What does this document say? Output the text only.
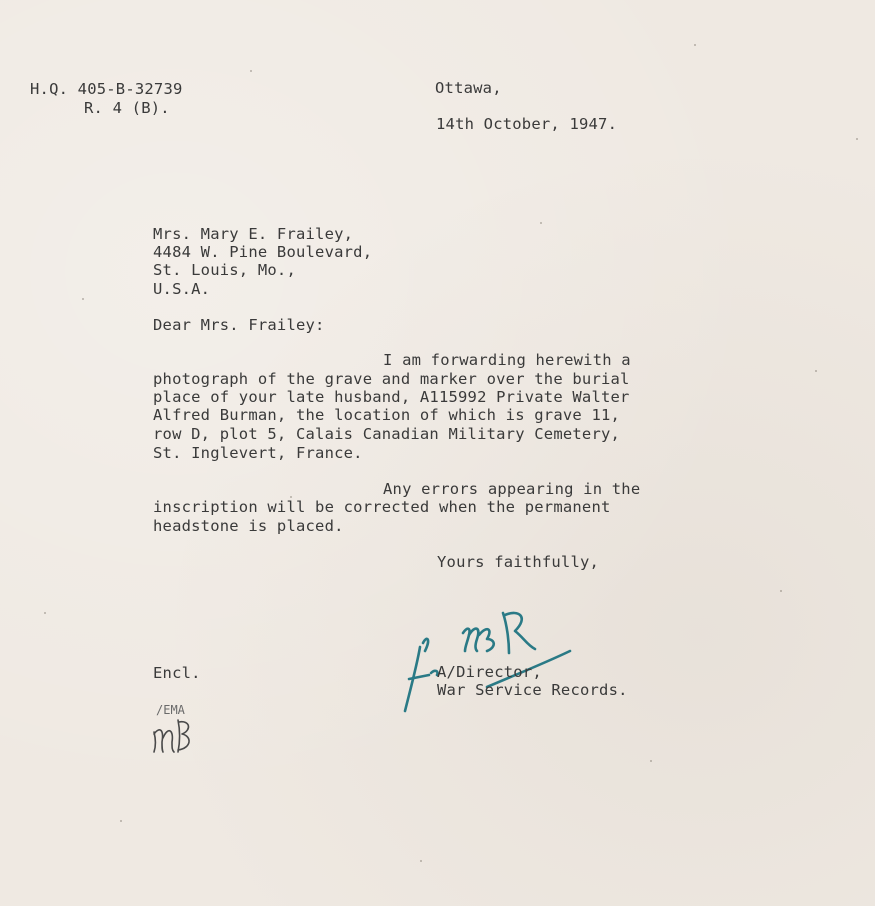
H.Q. 405-B-32739
R. 4 (B).
Ottawa,
14th October, 1947.
Mrs. Mary E. Frailey,
4484 W. Pine Boulevard,
St. Louis, Mo.,
U.S.A.
Dear Mrs. Frailey:
I am forwarding herewith a
photograph of the grave and marker over the burial
place of your late husband, A115992 Private Walter
Alfred Burman, the location of which is grave 11,
row D, plot 5, Calais Canadian Military Cemetery,
St. Inglevert, France.
Any errors appearing in the
inscription will be corrected when the permanent
headstone is placed.
Yours faithfully,
A/Director,
War Service Records.
Encl.
/EMA
